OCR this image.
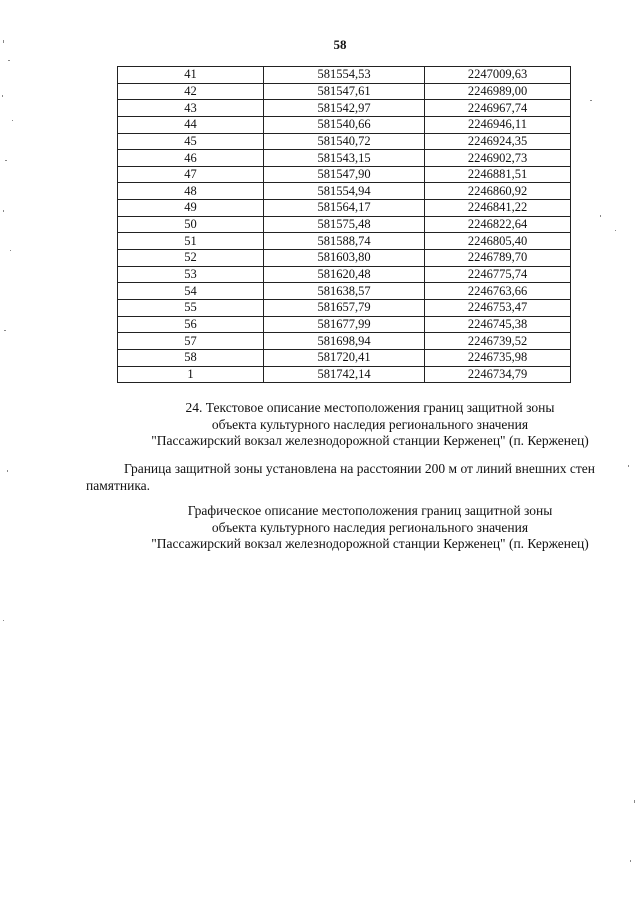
58
41	581554,53	2247009,63
42	581547,61	2246989,00
43	581542,97	2246967,74
44	581540,66	2246946,11
45	581540,72	2246924,35
46	581543,15	2246902,73
47	581547,90	2246881,51
48	581554,94	2246860,92
49	581564,17	2246841,22
50	581575,48	2246822,64
51	581588,74	2246805,40
52	581603,80	2246789,70
53	581620,48	2246775,74
54	581638,57	2246763,66
55	581657,79	2246753,47
56	581677,99	2246745,38
57	581698,94	2246739,52
58	581720,41	2246735,98
1	581742,14	2246734,79
24. Текстовое описание местоположения границ защитной зоны
объекта культурного наследия регионального значения
"Пассажирский вокзал железнодорожной станции Керженец" (п. Керженец)
Граница защитной зоны установлена на расстоянии 200 м от линий внешних стен
памятника.
Графическое описание местоположения границ защитной зоны
объекта культурного наследия регионального значения
"Пассажирский вокзал железнодорожной станции Керженец" (п. Керженец)
